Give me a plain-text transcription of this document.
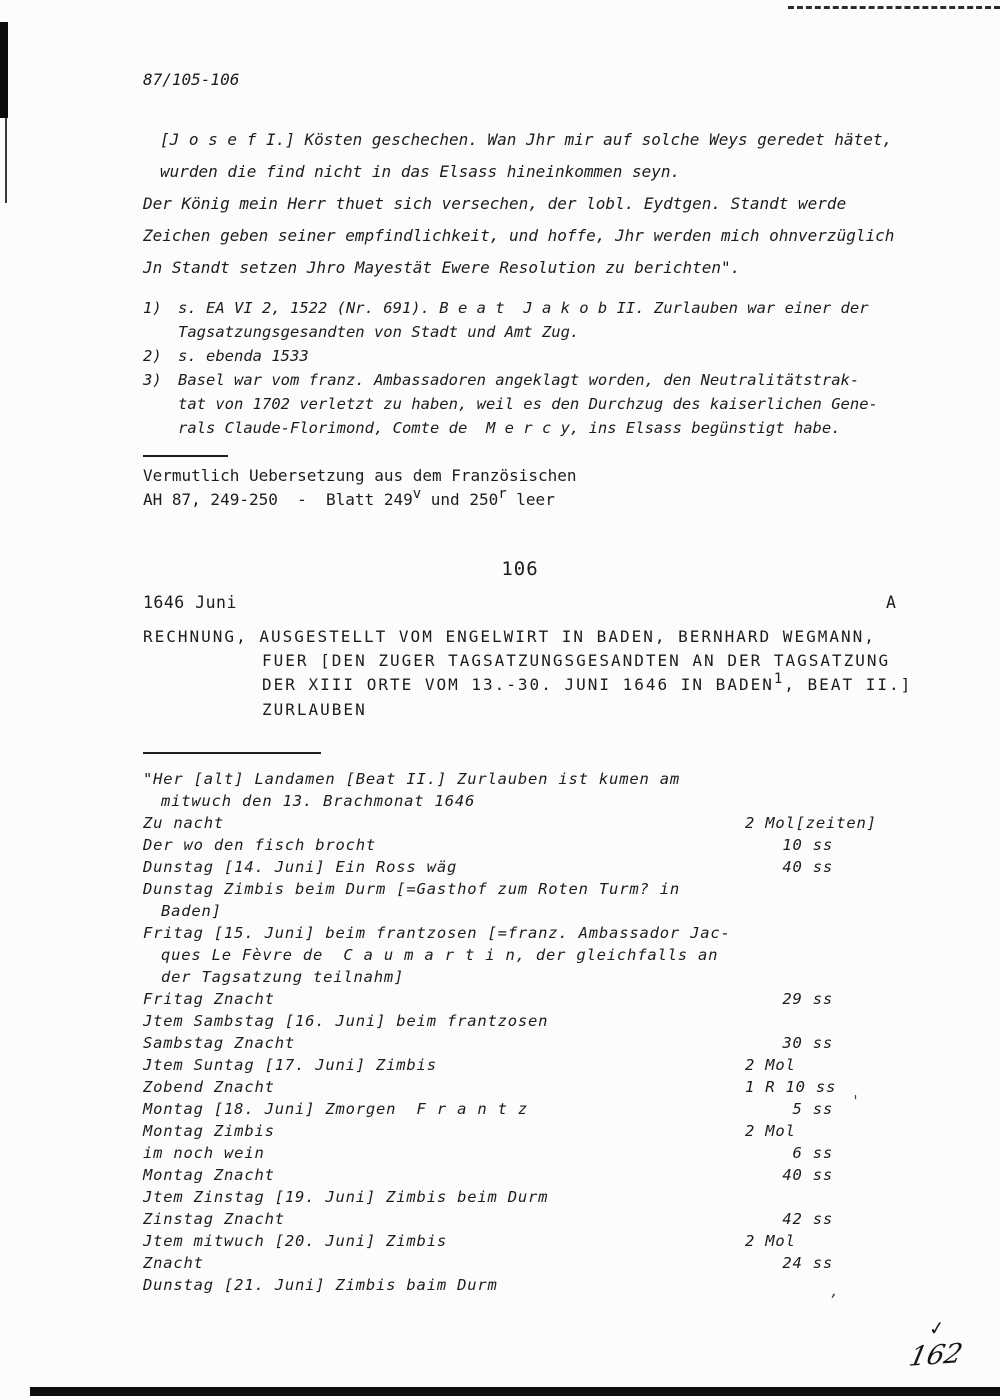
87/105-106
[J o s e f I.] Kösten geschechen. Wan Jhr mir auf solche Weys geredet hätet,
wurden die find nicht in das Elsass hineinkommen seyn.
Der König mein Herr thuet sich versechen, der lobl. Eydtgen. Standt werde
Zeichen geben seiner empfindlichkeit, und hoffe, Jhr werden mich ohnverzüglich
Jn Standt setzen Jhro Mayestät Ewere Resolution zu berichten".
1)	s. EA VI 2, 1522 (Nr. 691). B e a t  J a k o b II. Zurlauben war einer der
Tagsatzungsgesandten von Stadt und Amt Zug.
2)	s. ebenda 1533
3)	Basel war vom franz. Ambassadoren angeklagt worden, den Neutralitätstrak-
tat von 1702 verletzt zu haben, weil es den Durchzug des kaiserlichen Gene-
rals Claude-Florimond, Comte de  M e r c y, ins Elsass begünstigt habe.
Vermutlich Uebersetzung aus dem Französischen
AH 87, 249-250  -  Blatt 249v und 250r leer
106
1646 Juni	A
RECHNUNG, AUSGESTELLT VOM ENGELWIRT IN BADEN, BERNHARD WEGMANN,
FUER [DEN ZUGER TAGSATZUNGSGESANDTEN AN DER TAGSATZUNG
DER XIII ORTE VOM 13.-30. JUNI 1646 IN BADEN1, BEAT II.]
ZURLAUBEN
"Her [alt] Landamen [Beat II.] Zurlauben ist kumen am
mitwuch den 13. Brachmonat 1646
Zu nacht	2 Mol[zeiten]
Der wo den fisch brocht	10 ss
Dunstag [14. Juni] Ein Ross wäg	40 ss
Dunstag Zimbis beim Durm [=Gasthof zum Roten Turm? in
Baden]
Fritag [15. Juni] beim frantzosen [=franz. Ambassador Jac-
ques Le Fèvre de  C a u m a r t i n, der gleichfalls an
der Tagsatzung teilnahm]
Fritag Znacht	29 ss
Jtem Sambstag [16. Juni] beim frantzosen
Sambstag Znacht	30 ss
Jtem Suntag [17. Juni] Zimbis	2 Mol
Zobend Znacht	1 R 10 ss
Montag [18. Juni] Zmorgen  F r a n t z	5 ss
Montag Zimbis	2 Mol
im noch wein	6 ss
Montag Znacht	40 ss
Jtem Zinstag [19. Juni] Zimbis beim Durm
Zinstag Znacht	42 ss
Jtem mitwuch [20. Juni] Zimbis	2 Mol
Znacht	24 ss
Dunstag [21. Juni] Zimbis baim Durm
'
,
✓
162
